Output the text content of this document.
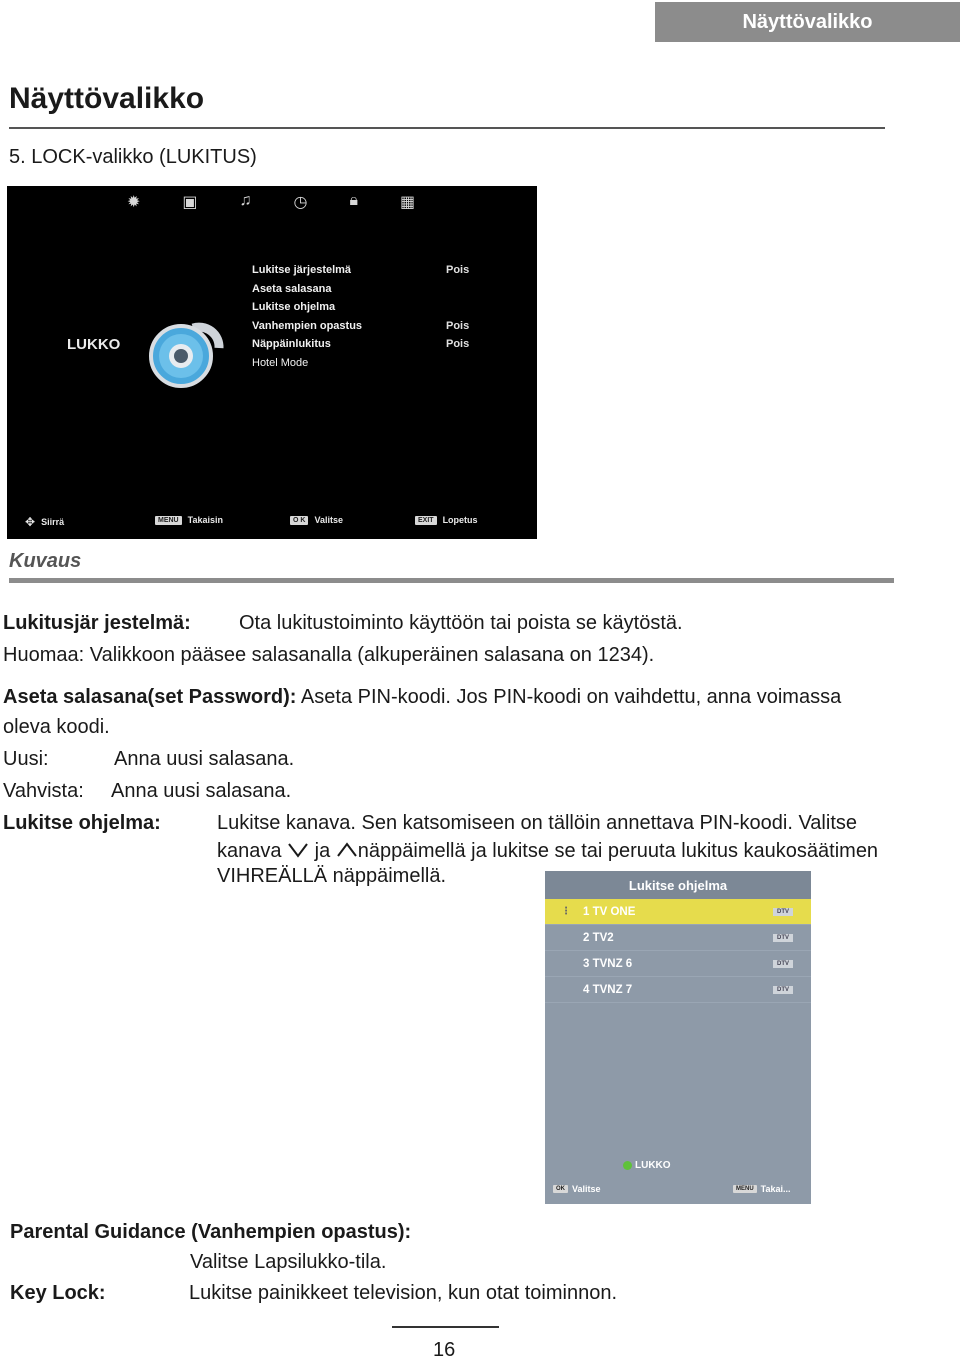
Näyttövalikko
Näyttövalikko
5. LOCK-valikko (LUKITUS)
✹	▣	♫	◷	🔒︎	▦
LUKKO
Lukitse järjestelmä	Pois
Aseta salasana
Lukitse ohjelma
Vanhempien opastus	Pois
Näppäinlukitus	Pois
Hotel Mode
✥ Siirrä	MENU	Takaisin	O K	Valitse	EXIT	Lopetus
Kuvaus
Lukitusjär jestelmä: Ota lukitustoiminto käyttöön tai poista se käytöstä.
Huomaa: Valikkoon pääsee salasanalla (alkuperäinen salasana on 1234).
Aseta salasana(set Password): Aseta PIN-koodi. Jos PIN-koodi on vaihdettu, anna voimassa
oleva koodi.
Uusi:	Anna uusi salasana.
Vahvista: Anna uusi salasana.
Lukitse ohjelma:	Lukitse kanava. Sen katsomiseen on tällöin annettava PIN-koodi. Valitse
kanava ja näppäimellä ja lukitse se tai peruuta lukitus kaukosäätimen
VIHREÄLLÄ näppäimellä.	Lukitse ohjelma
⋮ 1 TV ONE	DTV
2 TV2	DTV
3 TVNZ 6	DTV
4 TVNZ 7	DTV
LUKKO
OK Valitse	MENU Takai...
Parental Guidance (Vanhempien opastus):
Valitse Lapsilukko-tila.
Key Lock:	Lukitse painikkeet television, kun otat toiminnon.
16
